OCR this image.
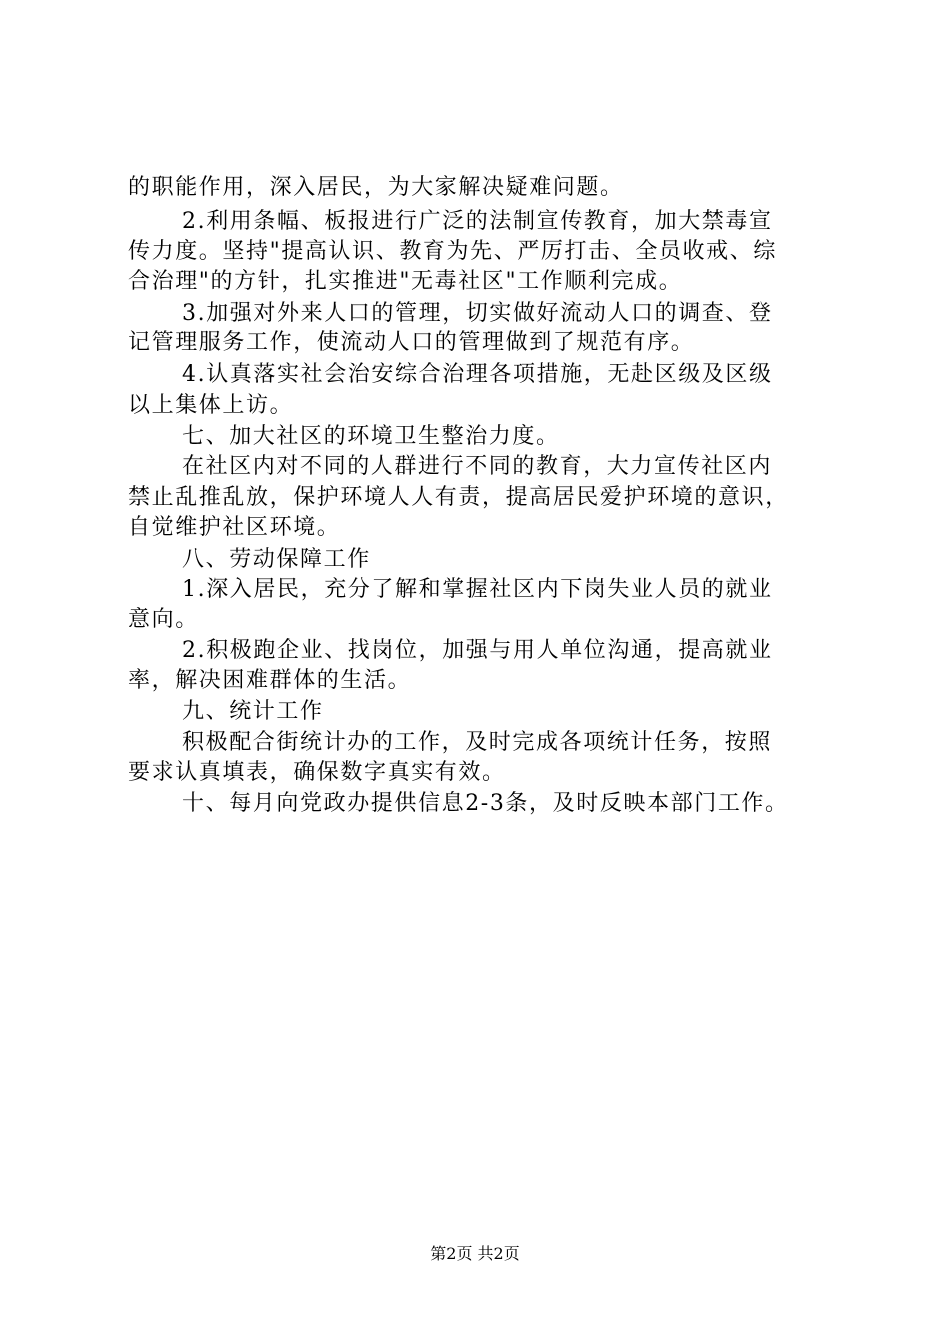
的职能作用，深入居民，为大家解决疑难问题。
2.利用条幅、板报进行广泛的法制宣传教育，加大禁毒宣
传力度。坚持"提高认识、教育为先、严厉打击、全员收戒、综
合治理"的方针，扎实推进"无毒社区"工作顺利完成。
3.加强对外来人口的管理，切实做好流动人口的调查、登
记管理服务工作，使流动人口的管理做到了规范有序。
4.认真落实社会治安综合治理各项措施，无赴区级及区级
以上集体上访。
七、加大社区的环境卫生整治力度。
在社区内对不同的人群进行不同的教育，大力宣传社区内
禁止乱推乱放，保护环境人人有责，提高居民爱护环境的意识，
自觉维护社区环境。
八、劳动保障工作
1.深入居民，充分了解和掌握社区内下岗失业人员的就业
意向。
2.积极跑企业、找岗位，加强与用人单位沟通，提高就业
率，解决困难群体的生活。
九、统计工作
积极配合街统计办的工作，及时完成各项统计任务，按照
要求认真填表，确保数字真实有效。
十、每月向党政办提供信息2-3条，及时反映本部门工作。
第2页 共2页
